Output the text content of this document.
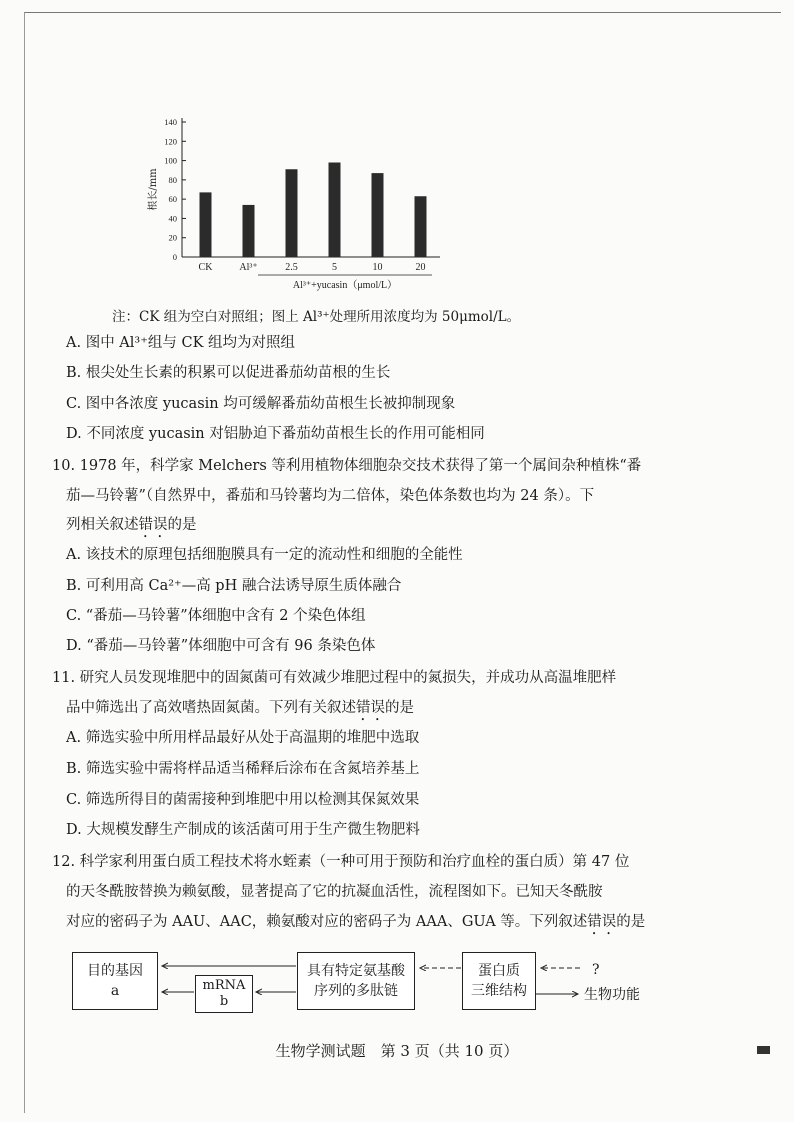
0
20
40
60
80
100
120
140
根长/mm
CK	Al³⁺	2.5	5	10	20
Al³⁺+yucasin（μmol/L）
注：CK 组为空白对照组；图上 Al³⁺处理所用浓度均为 50μmol/L。
A. 图中 Al³⁺组与 CK 组均为对照组
B. 根尖处生长素的积累可以促进番茄幼苗根的生长
C. 图中各浓度 yucasin 均可缓解番茄幼苗根生长被抑制现象
D. 不同浓度 yucasin 对铝胁迫下番茄幼苗根生长的作用可能相同
10. 1978 年，科学家 Melchers 等利用植物体细胞杂交技术获得了第一个属间杂种植株“番
茄—马铃薯”（自然界中，番茄和马铃薯均为二倍体，染色体条数也均为 24 条）。下
列相关叙述错误的是
A. 该技术的原理包括细胞膜具有一定的流动性和细胞的全能性
B. 可利用高 Ca²⁺—高 pH 融合法诱导原生质体融合
C. “番茄—马铃薯”体细胞中含有 2 个染色体组
D. “番茄—马铃薯”体细胞中可含有 96 条染色体
11. 研究人员发现堆肥中的固氮菌可有效减少堆肥过程中的氮损失，并成功从高温堆肥样
品中筛选出了高效嗜热固氮菌。下列有关叙述错误的是
A. 筛选实验中所用样品最好从处于高温期的堆肥中选取
B. 筛选实验中需将样品适当稀释后涂布在含氮培养基上
C. 筛选所得目的菌需接种到堆肥中用以检测其保氮效果
D. 大规模发酵生产制成的该活菌可用于生产微生物肥料
12. 科学家利用蛋白质工程技术将水蛭素（一种可用于预防和治疗血栓的蛋白质）第 47 位
的天冬酰胺替换为赖氨酸，显著提高了它的抗凝血活性，流程图如下。已知天冬酰胺
对应的密码子为 AAU、AAC，赖氨酸对应的密码子为 AAA、GUA 等。下列叙述错误的是
目的基因
a	mRNA
b
具有特定氨基酸
序列的多肽链
蛋白质
三维结构
?
生物功能
生物学测试题　第 3 页（共 10 页）
